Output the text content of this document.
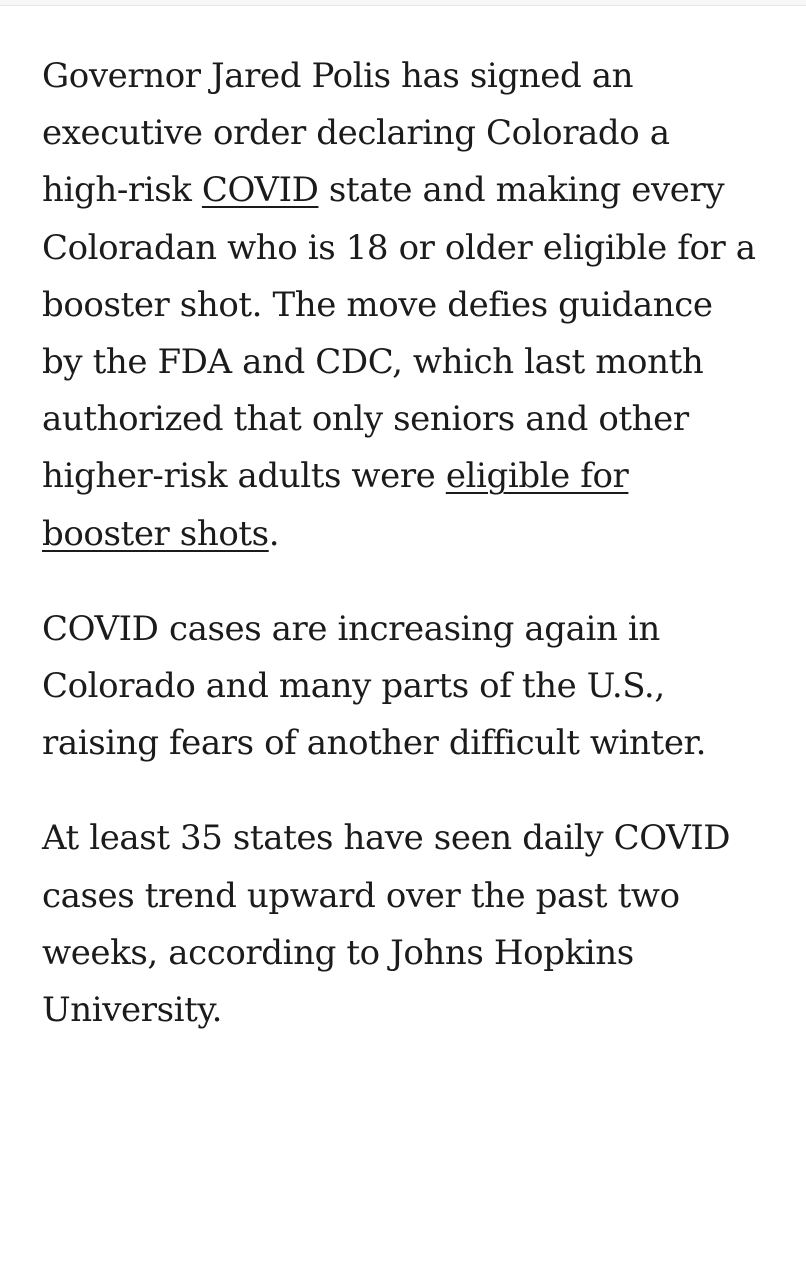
Governor Jared Polis has signed an executive order declaring Colorado a high-risk COVID state and making every Coloradan who is 18 or older eligible for a booster shot. The move defies guidance by the FDA and CDC, which last month authorized that only seniors and other higher-risk adults were eligible for booster shots.

COVID cases are increasing again in Colorado and many parts of the U.S., raising fears of another difficult winter.

At least 35 states have seen daily COVID cases trend upward over the past two weeks, according to Johns Hopkins University.
